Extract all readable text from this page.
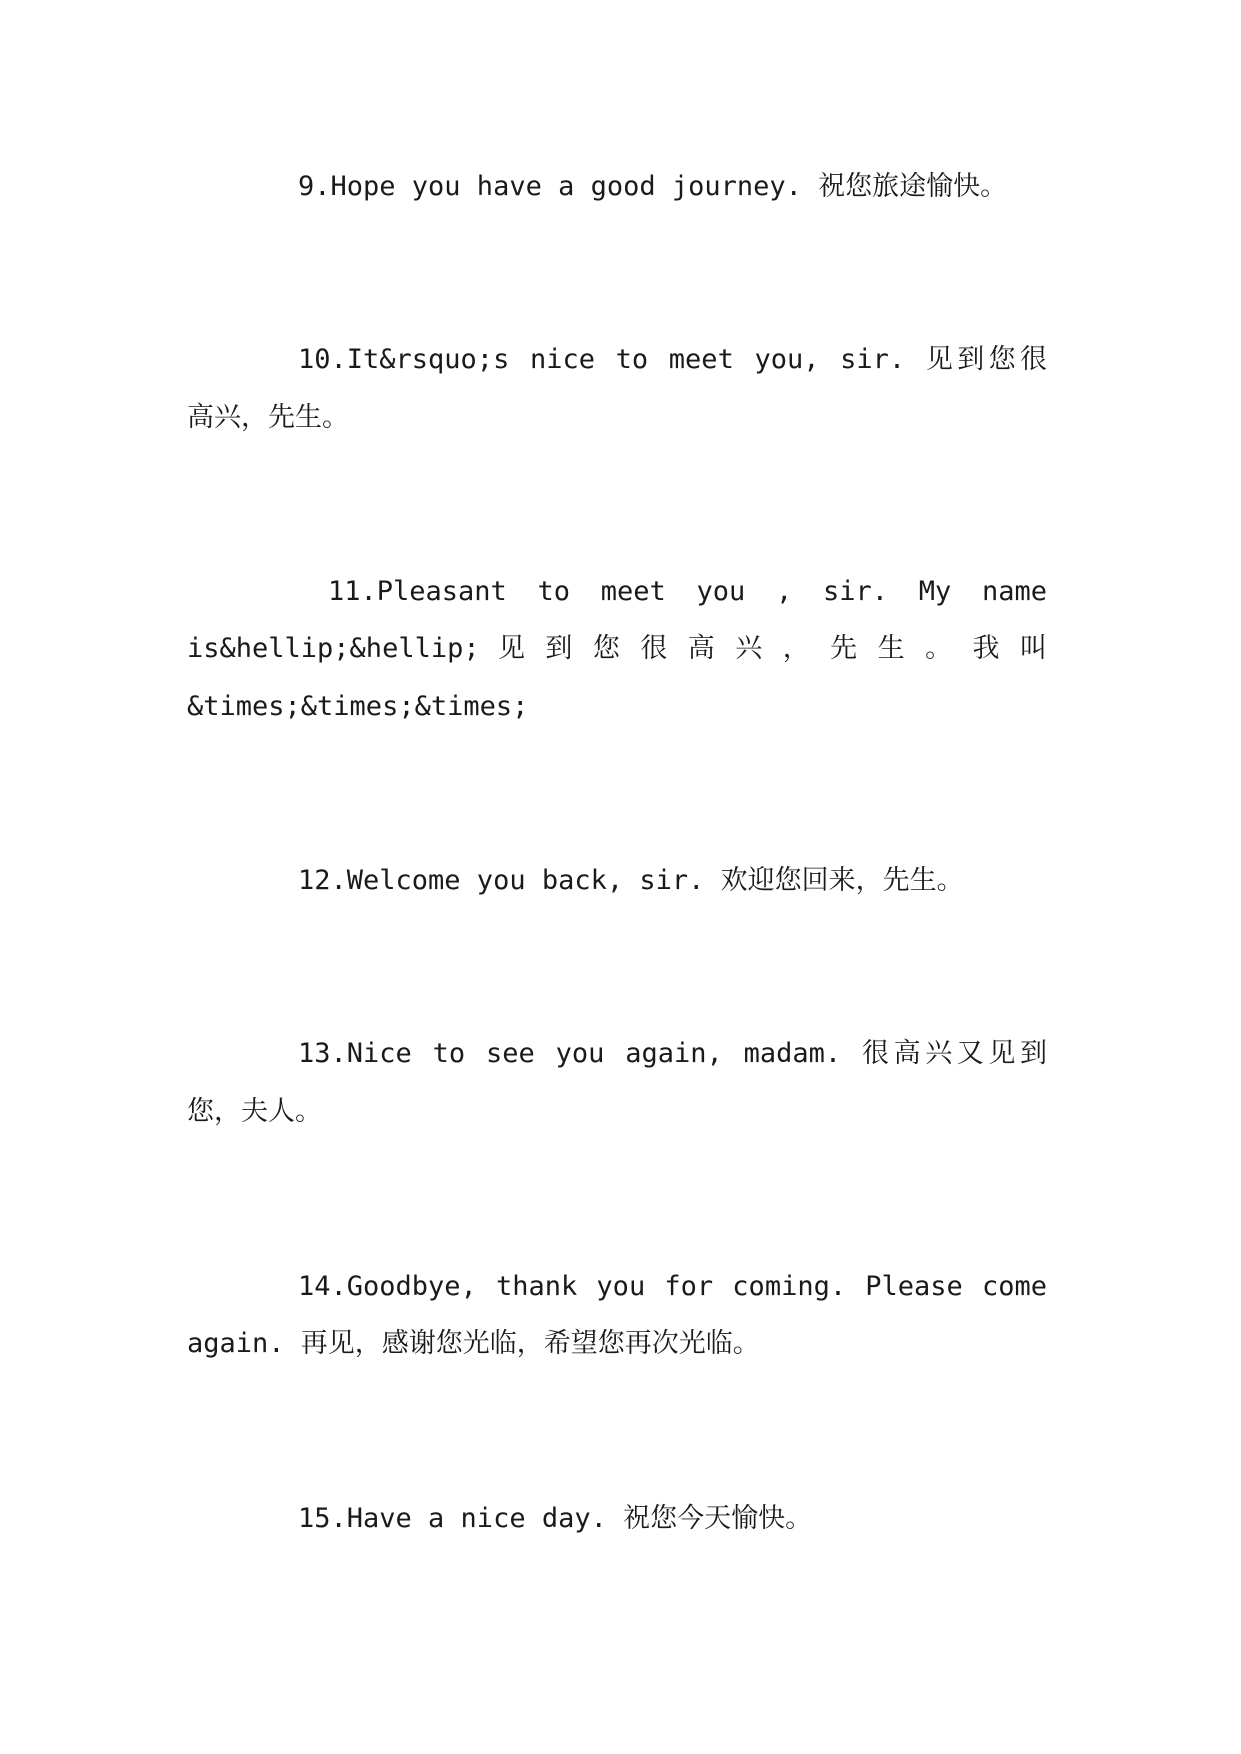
9.Hope you have a good journey. 祝您旅途愉快。

10.It&rsquo;s nice to meet you, sir. 见到您很

高兴，先生。

11.Pleasant to meet you , sir. My name

is&hellip;&hellip; 见 到 您 很 高 兴 ， 先 生 。 我 叫

&times;&times;&times;

12.Welcome you back, sir. 欢迎您回来，先生。

13.Nice to see you again, madam. 很高兴又见到

您，夫人。

14.Goodbye, thank you for coming. Please come

again. 再见，感谢您光临，希望您再次光临。

15.Have a nice day. 祝您今天愉快。
